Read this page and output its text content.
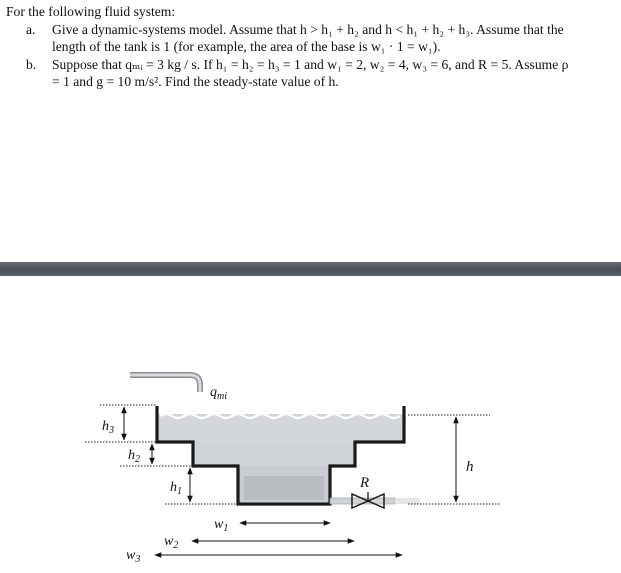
For the following fluid system:

a. Give a dynamic-systems model. Assume that h > h₁ + h₂ and h < h₁ + h₂ + h₃. Assume that the
length of the tank is 1 (for example, the area of the base is w₁ · 1 = w₁).
b. Suppose that qₘᵢ = 3 kg / s. If h₁ = h₂ = h₃ = 1 and w₁ = 2, w₂ = 4, w₃ = 6, and R = 5. Assume ρ
= 1 and g = 10 m/s². Find the steady-state value of h.
$q_{mi}$
R
$h_3$
$h_2$
$h_1$
h
$w_1$
$w_2$
$w_3$
